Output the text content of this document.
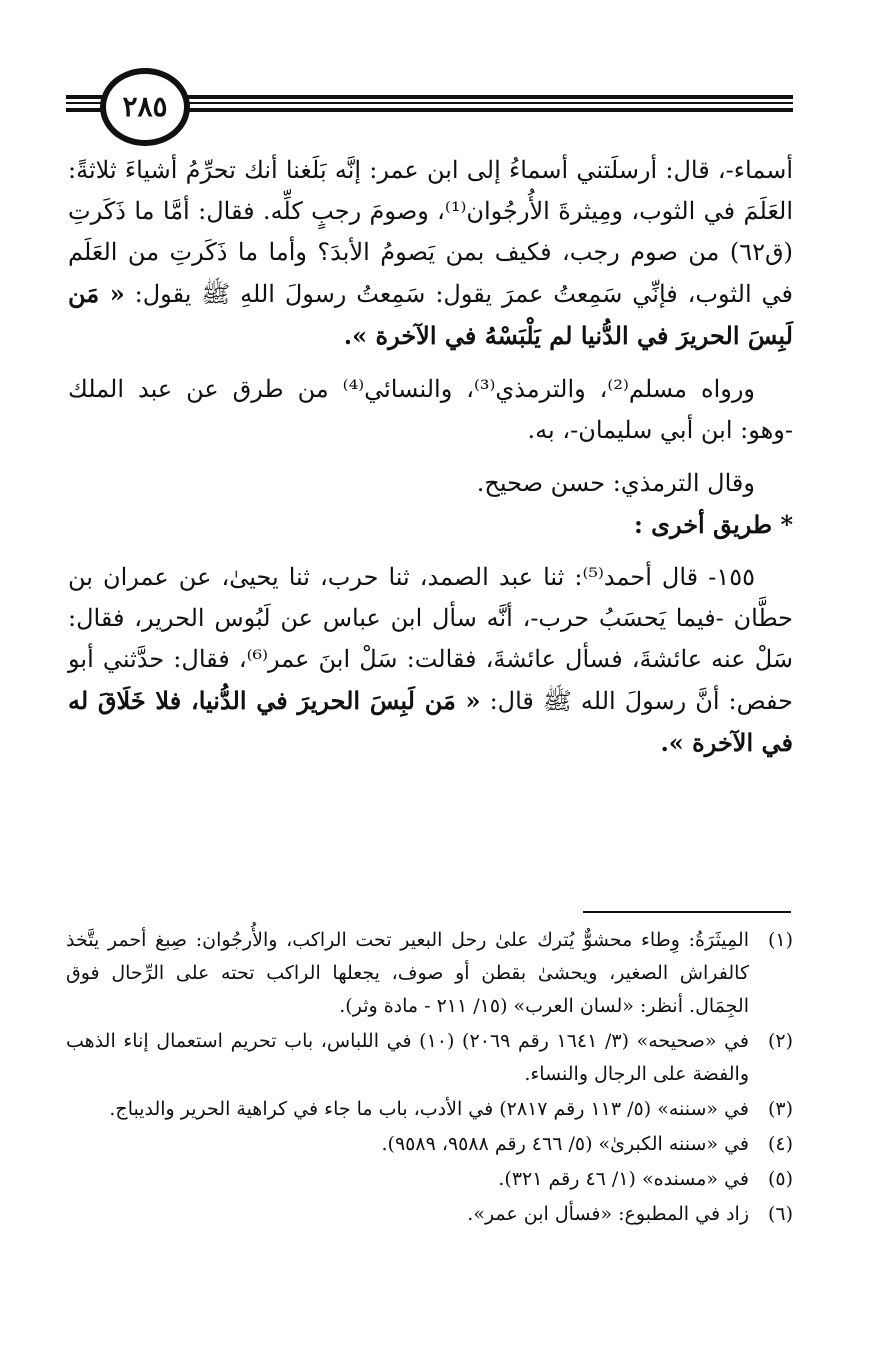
٢٨٥

أسماء-، قال: أرسلَتني أسماءُ إلى ابن عمر: إنَّه بَلَغنا أنك تحرِّمُ أشياءَ ثلاثةً: العَلَمَ في الثوب، ومِيثرةَ الأُرجُوان⁽¹⁾، وصومَ رجبٍ كلِّه. فقال: أمَّا ما ذَكَرتِ (ق٦٢) من صوم رجب، فكيف بمن يَصومُ الأبدَ؟ وأما ما ذَكَرتِ من العَلَم في الثوب، فإنِّي سَمِعتُ عمرَ يقول: سَمِعتُ رسولَ اللهِ ﷺ يقول: « مَن لَبِسَ الحريرَ في الدُّنيا لم يَلْبَسْهُ في الآخرة ».

ورواه مسلم⁽²⁾، والترمذي⁽³⁾، والنسائي⁽⁴⁾ من طرق عن عبد الملك -وهو: ابن أبي سليمان-، به.

وقال الترمذي: حسن صحيح.

* طريق أخرى :

١٥٥- قال أحمد⁽⁵⁾: ثنا عبد الصمد، ثنا حرب، ثنا يحيىٰ، عن عمران بن حطَّان -فيما يَحسَبُ حرب-، أنَّه سأل ابن عباس عن لَبُوس الحرير، فقال: سَلْ عنه عائشةَ، فسأل عائشةَ، فقالت: سَلْ ابنَ عمر⁽⁶⁾، فقال: حدَّثني أبو حفص: أنَّ رسولَ الله ﷺ قال: « مَن لَبِسَ الحريرَ في الدُّنيا، فلا خَلَاقَ له في الآخرة ».

(١)
المِيثَرَةُ: وِطاء محشوٌّ يُترك علىٰ رحل البعير تحت الراكب، والأُرجُوان: صِبغ أحمر يتَّخذ كالفراش الصغير، ويحشىٰ بقطن أو صوف، يجعلها الراكب تحته على الرِّحال فوق الجِمَال. أنظر: «لسان العرب» (١٥/ ٢١١ - مادة وثر).
(٢)
في «صحيحه» (٣/ ١٦٤١ رقم ٢٠٦٩) (١٠) في اللباس، باب تحريم استعمال إناء الذهب والفضة على الرجال والنساء.
(٣)
في «سننه» (٥/ ١١٣ رقم ٢٨١٧) في الأدب، باب ما جاء في كراهية الحرير والديباج.
(٤)
في «سننه الكبرىٰ» (٥/ ٤٦٦ رقم ٩٥٨٨، ٩٥٨٩).
(٥)
في «مسنده» (١/ ٤٦ رقم ٣٢١).
(٦)
زاد في المطبوع: «فسأل ابن عمر».
